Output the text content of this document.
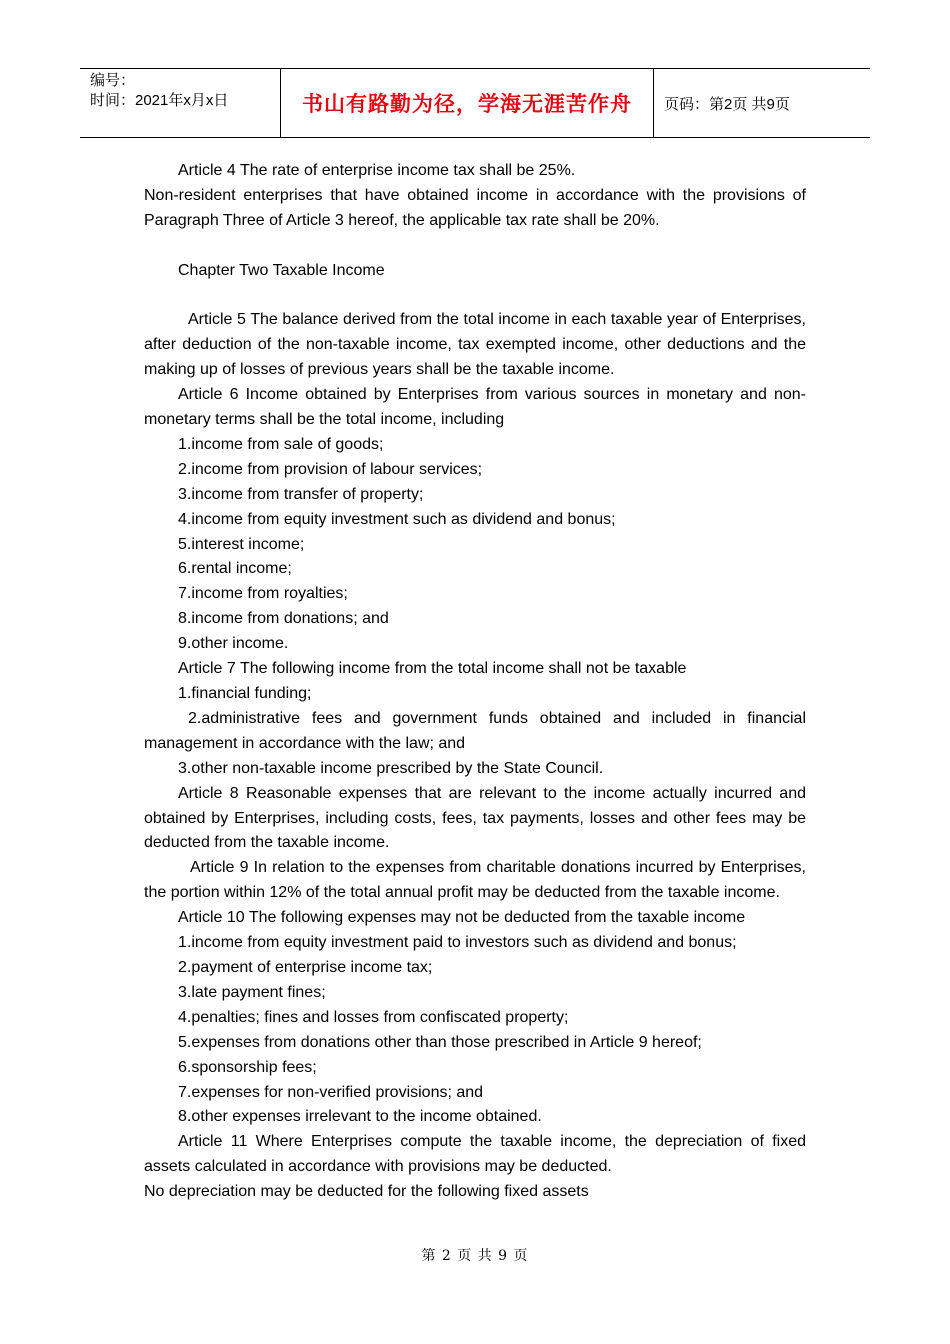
编号：
时间：2021年x月x日	书山有路勤为径，学海无涯苦作舟 页码：第2页 共9页

Article 4 The rate of enterprise income tax shall be 25%.

Non-resident enterprises that have obtained income in accordance with the provisions of Paragraph Three of Article 3 hereof, the applicable tax rate shall be 20%.

Chapter Two Taxable Income

Article 5 The balance derived from the total income in each taxable year of Enterprises, after deduction of the non-taxable income, tax exempted income, other deductions and the making up of losses of previous years shall be the taxable income.

Article 6 Income obtained by Enterprises from various sources in monetary and non-monetary terms shall be the total income, including

1.income from sale of goods;

2.income from provision of labour services;

3.income from transfer of property;

4.income from equity investment such as dividend and bonus;

5.interest income;

6.rental income;

7.income from royalties;

8.income from donations; and

9.other income.

Article 7 The following income from the total income shall not be taxable

1.financial funding;

2.administrative fees and government funds obtained and included in financial management in accordance with the law; and

3.other non-taxable income prescribed by the State Council.

Article 8 Reasonable expenses that are relevant to the income actually incurred and obtained by Enterprises, including costs, fees, tax payments, losses and other fees may be deducted from the taxable income.

Article 9 In relation to the expenses from charitable donations incurred by Enterprises, the portion within 12% of the total annual profit may be deducted from the taxable income.

Article 10 The following expenses may not be deducted from the taxable income

1.income from equity investment paid to investors such as dividend and bonus;

2.payment of enterprise income tax;

3.late payment fines;

4.penalties; fines and losses from confiscated property;

5.expenses from donations other than those prescribed in Article 9 hereof;

6.sponsorship fees;

7.expenses for non-verified provisions; and

8.other expenses irrelevant to the income obtained.

Article 11 Where Enterprises compute the taxable income, the depreciation of fixed assets calculated in accordance with provisions may be deducted.

No depreciation may be deducted for the following fixed assets

第 2 页 共 9 页
